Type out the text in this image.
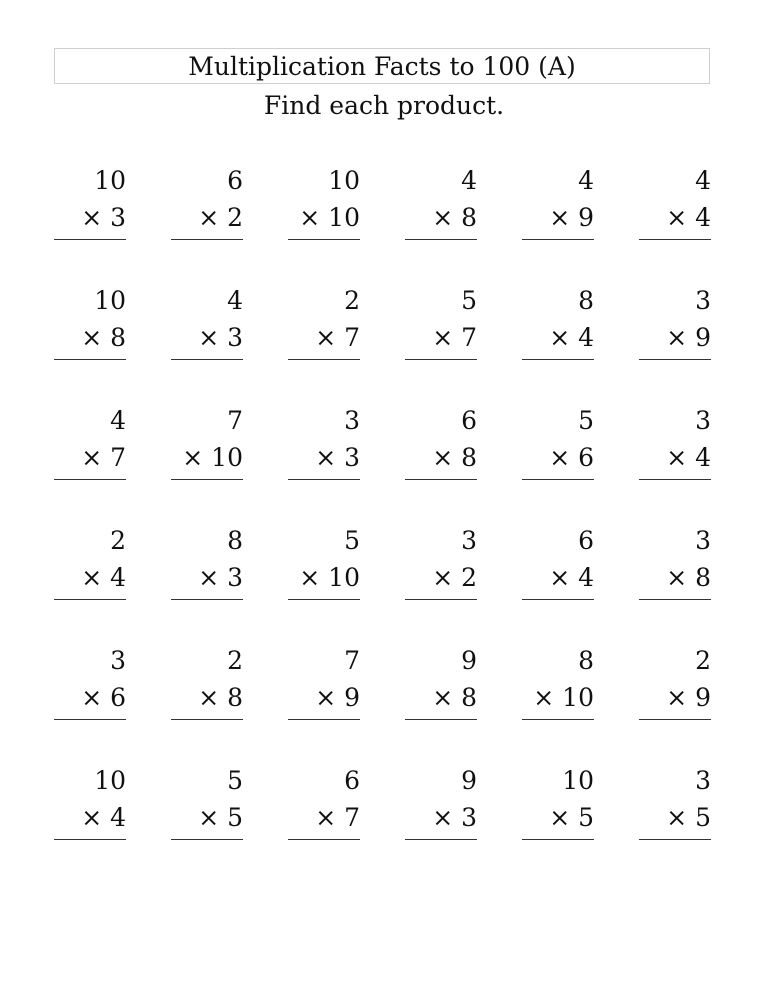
Multiplication Facts to 100 (A)
Find each product.
10
× 3
6
× 2
10
× 10
4
× 8
4
× 9
4
× 4
10
× 8
4
× 3
2
× 7
5
× 7
8
× 4
3
× 9
4
× 7
7
× 10
3
× 3
6
× 8
5
× 6
3
× 4
2
× 4
8
× 3
5
× 10
3
× 2
6
× 4
3
× 8
3
× 6
2
× 8
7
× 9
9
× 8
8
× 10
2
× 9
10
× 4
5
× 5
6
× 7
9
× 3
10
× 5
3
× 5
